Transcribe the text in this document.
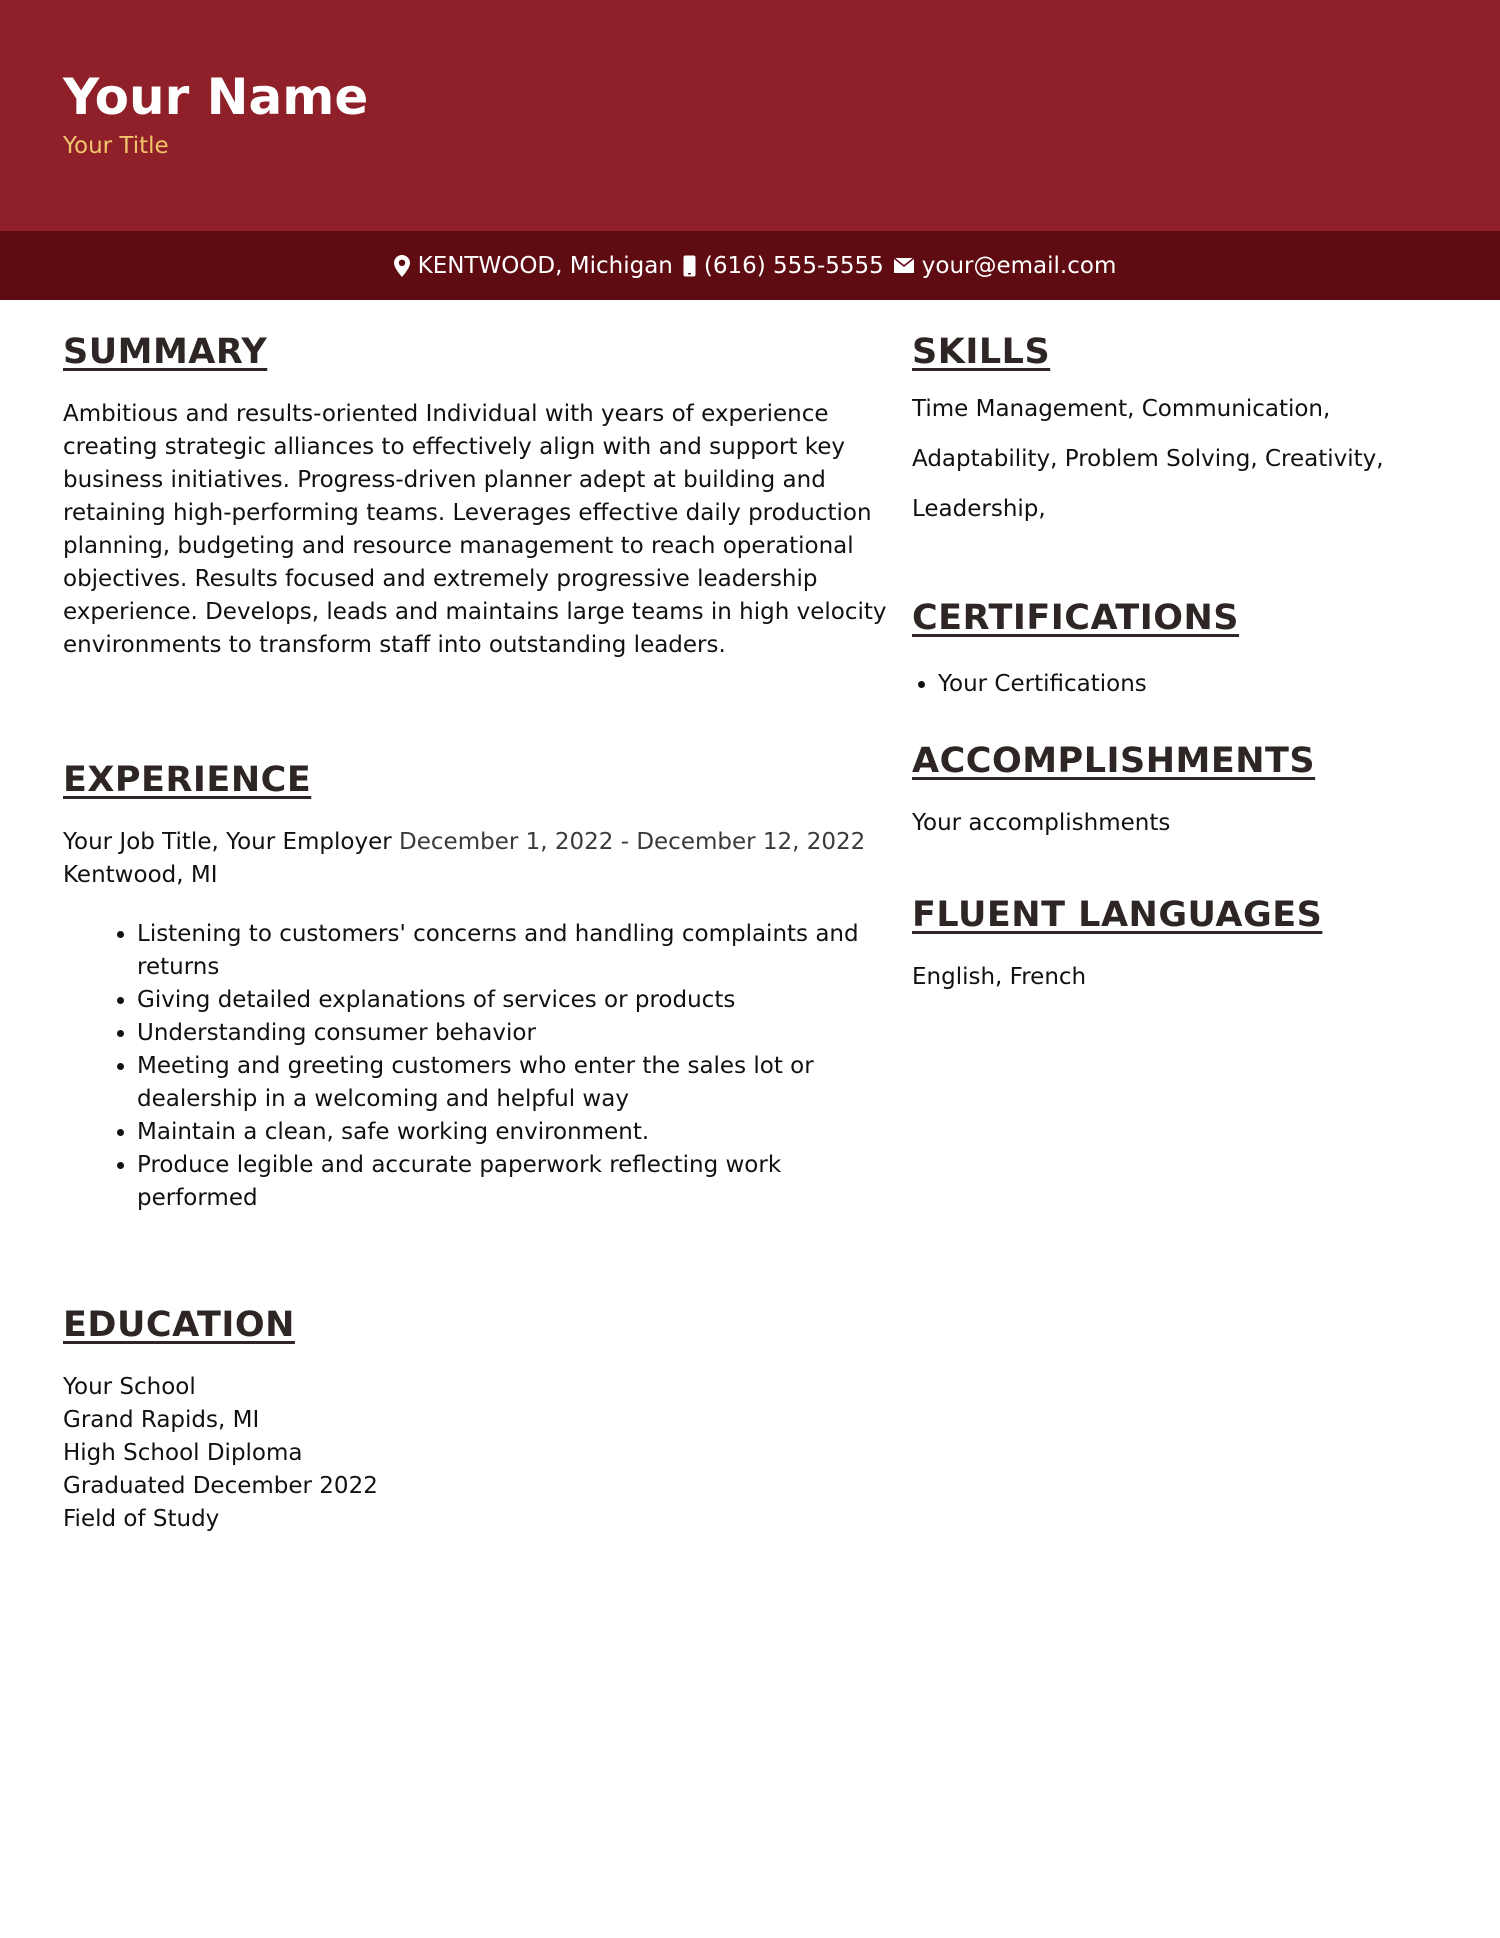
Your Name
Your Title
KENTWOOD, Michigan (616) 555-5555 your@email.com
SUMMARY

Ambitious and results-oriented Individual with years of experience creating strategic alliances to effectively align with and support key business initiatives. Progress-driven planner adept at building and retaining high-performing teams. Leverages effective daily production planning, budgeting and resource management to reach operational objectives. Results focused and extremely progressive leadership experience. Develops, leads and maintains large teams in high velocity environments to transform staff into outstanding leaders.

EXPERIENCE
Your Job Title, Your Employer December 1, 2022 - December 12, 2022
Kentwood, MI
• Listening to customers' concerns and handling complaints and returns
• Giving detailed explanations of services or products
• Understanding consumer behavior
• Meeting and greeting customers who enter the sales lot or dealership in a welcoming and helpful way
• Maintain a clean, safe working environment.
• Produce legible and accurate paperwork reflecting work performed
EDUCATION
Your School
Grand Rapids, MI
High School Diploma
Graduated December 2022
Field of Study
SKILLS

Time Management, Communication, Adaptability, Problem Solving, Creativity, Leadership,

CERTIFICATIONS
• Your Certifications
ACCOMPLISHMENTS
Your accomplishments
FLUENT LANGUAGES
English, French
